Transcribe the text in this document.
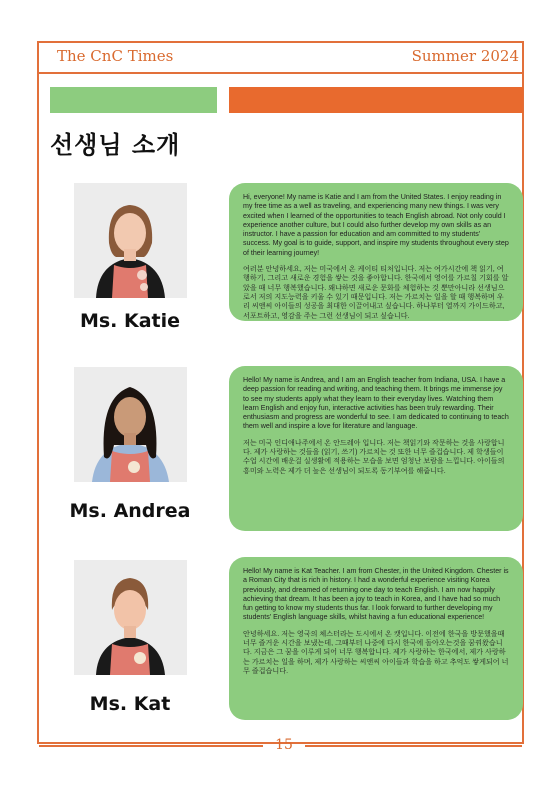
The CnC Times	Summer 2024
선생님 소개
Ms. Katie

Hi, everyone! My name is Katie and I am from the United States. I enjoy reading in my free time as a well as traveling, and experiencing many new things. I was very excited when I learned of the opportunities to teach English abroad. Not only could I experience another culture, but I could also further develop my own skills as an instructor. I have a passion for education and am committed to my students' success. My goal is to guide, support, and inspire my students throughout every step of their learning journey!

여러분 안녕하세요, 저는 미국에서 온 케이티 티처입니다. 저는 여가시간에 책 읽기, 여행하기, 그리고 새로운 경험을 쌓는 것을 좋아합니다. 한국에서 영어를 가르칠 기회를 알았을 때 너무 행복했습니다. 왜냐하면 새로운 문화를 체험하는 것 뿐만아니라 선생님으로서 저의 지도능력을 키울 수 있기 때문입니다. 저는 가르치는 일을 할 때 행복하며 우리 씨앤씨 아이들의 성공을 최대한 이끌어내고 싶습니다. 하나부터 열까지 가이드하고, 서포트하고, 영감을 주는 그런 선생님이 되고 싶습니다.

Ms. Andrea

Hello! My name is Andrea, and I am an English teacher from Indiana, USA. I have a deep passion for reading and writing, and teaching them. It brings me immense joy to see my students apply what they learn to their everyday lives. Watching them learn English and enjoy fun, interactive activities has been truly rewarding. Their enthusiasm and progress are wonderful to see. I am dedicated to continuing to teach them well and inspire a love for literature and language.

저는 미국 인디애나주에서 온 안드레아 입니다. 저는 책읽기와 작문하는 것을 사랑합니다. 제가 사랑하는 것들을 (읽기, 쓰기) 가르치는 것 또한 너무 즐겁습니다. 제 학생들이 수업 시간에 배운걸 실생활에 적용하는 모습을 보면 엄청난 보람을 느낍니다. 아이들의 흥미와 노력은 제가 더 높은 선생님이 되도록 동기부여를 해줍니다.

Ms. Kat

Hello! My name is Kat Teacher. I am from Chester, in the United Kingdom. Chester is a Roman City that is rich in history. I had a wonderful experience visiting Korea previously, and dreamed of returning one day to teach English. I am now happily achieving that dream. It has been a joy to teach in Korea, and I have had so much fun getting to know my students thus far. I look forward to further developing my students' English language skills, whilst having a fun educational experience!

안녕하세요. 저는 영국의 체스터라는 도시에서 온 캣입니다. 이전에 한국을 방문했을때 너무 즐거운 시간을 보냈는데, 그때부터 나중에 다시 한국에 돌아오는것을 꿈꿔왔습니다. 지금은 그 꿈을 이루게 되어 너무 행복합니다. 제가 사랑하는 한국에서, 제가 사랑하는 가르치는 일을 하며, 제가 사랑하는 씨앤씨 아이들과 학습을 하고 추억도 쌓게되어 너무 즐겁습니다.

15
